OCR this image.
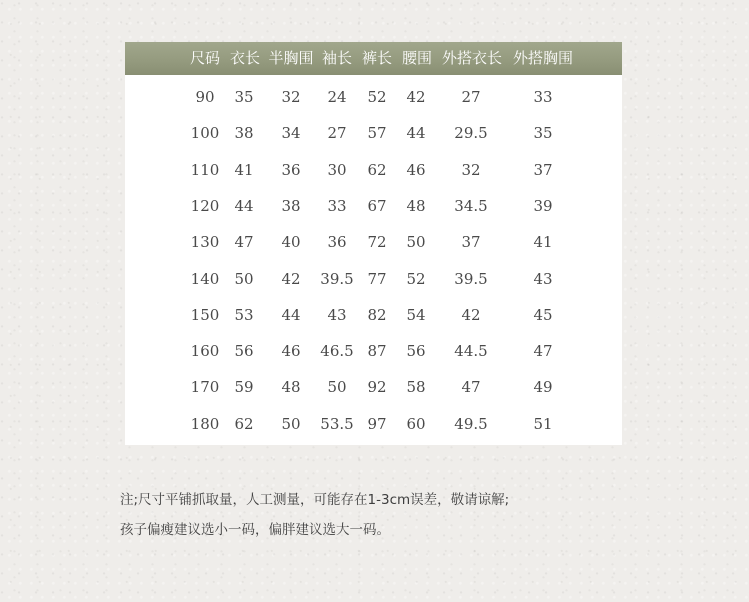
尺码 衣长 半胸围 袖长 裤长 腰围 外搭衣长 外搭胸围
90 35 32 24 52 42 27	33
100 38 34 27 57 44 29.5	35
110 41 36 30 62 46 32	37
120 44 38 33 67 48 34.5	39
130 47 40 36 72 50 37	41
140 50 42 39.5 77 52 39.5	43
150 53 44 43 82 54 42	45
160 56 46 46.5 87 56 44.5	47
170 59 48 50 92 58 47	49
180 62 50 53.5 97 60 49.5	51
注;尺寸平铺抓取量，人工测量，可能存在1-3cm误差，敬请谅解;
孩子偏瘦建议选小一码，偏胖建议选大一码。
